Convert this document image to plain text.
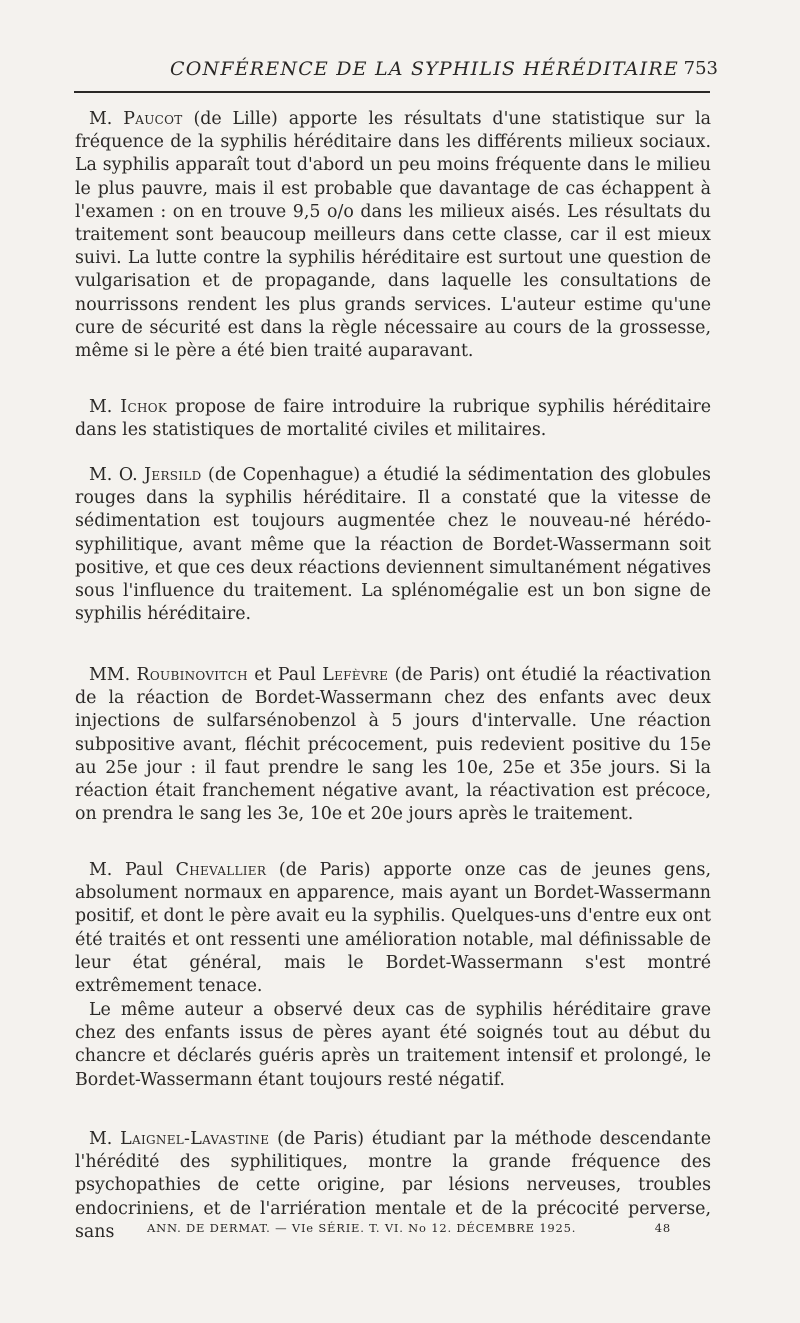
CONFÉRENCE DE LA SYPHILIS HÉRÉDITAIRE 753

M. Paucot (de Lille) apporte les résultats d'une statistique sur la fréquence de la syphilis héréditaire dans les différents milieux sociaux. La syphilis apparaît tout d'abord un peu moins fréquente dans le milieu le plus pauvre, mais il est probable que davantage de cas échappent à l'examen : on en trouve 9,5 o/o dans les milieux aisés. Les résultats du traitement sont beaucoup meilleurs dans cette classe, car il est mieux suivi. La lutte contre la syphilis héréditaire est surtout une question de vulgarisation et de propagande, dans laquelle les consultations de nourrissons rendent les plus grands services. L'auteur estime qu'une cure de sécurité est dans la règle nécessaire au cours de la grossesse, même si le père a été bien traité auparavant.

M. Ichok propose de faire introduire la rubrique syphilis héréditaire dans les statistiques de mortalité civiles et militaires.

M. O. Jersild (de Copenhague) a étudié la sédimentation des globules rouges dans la syphilis héréditaire. Il a constaté que la vitesse de sédimentation est toujours augmentée chez le nouveau-né hérédo-syphilitique, avant même que la réaction de Bordet-Wassermann soit positive, et que ces deux réactions deviennent simultanément négatives sous l'influence du traitement. La splénomégalie est un bon signe de syphilis héréditaire.

MM. Roubinovitch et Paul Lefèvre (de Paris) ont étudié la réactivation de la réaction de Bordet-Wassermann chez des enfants avec deux injections de sulfarsénobenzol à 5 jours d'intervalle. Une réaction subpositive avant, fléchit précocement, puis redevient positive du 15e au 25e jour : il faut prendre le sang les 10e, 25e et 35e jours. Si la réaction était franchement négative avant, la réactivation est précoce, on prendra le sang les 3e, 10e et 20e jours après le traitement.

M. Paul Chevallier (de Paris) apporte onze cas de jeunes gens, absolument normaux en apparence, mais ayant un Bordet-Wassermann positif, et dont le père avait eu la syphilis. Quelques-uns d'entre eux ont été traités et ont ressenti une amélioration notable, mal définissable de leur état général, mais le Bordet-Wassermann s'est montré extrêmement tenace.

Le même auteur a observé deux cas de syphilis héréditaire grave chez des enfants issus de pères ayant été soignés tout au début du chancre et déclarés guéris après un traitement intensif et prolongé, le Bordet-Wassermann étant toujours resté négatif.

M. Laignel-Lavastine (de Paris) étudiant par la méthode descendante l'hérédité des syphilitiques, montre la grande fréquence des psychopathies de cette origine, par lésions nerveuses, troubles endocriniens, et de l'arriération mentale et de la précocité perverse, sans	ANN. DE DERMAT. — VIe SÉRIE. T. VI. No 12. DÉCEMBRE 1925.	48
